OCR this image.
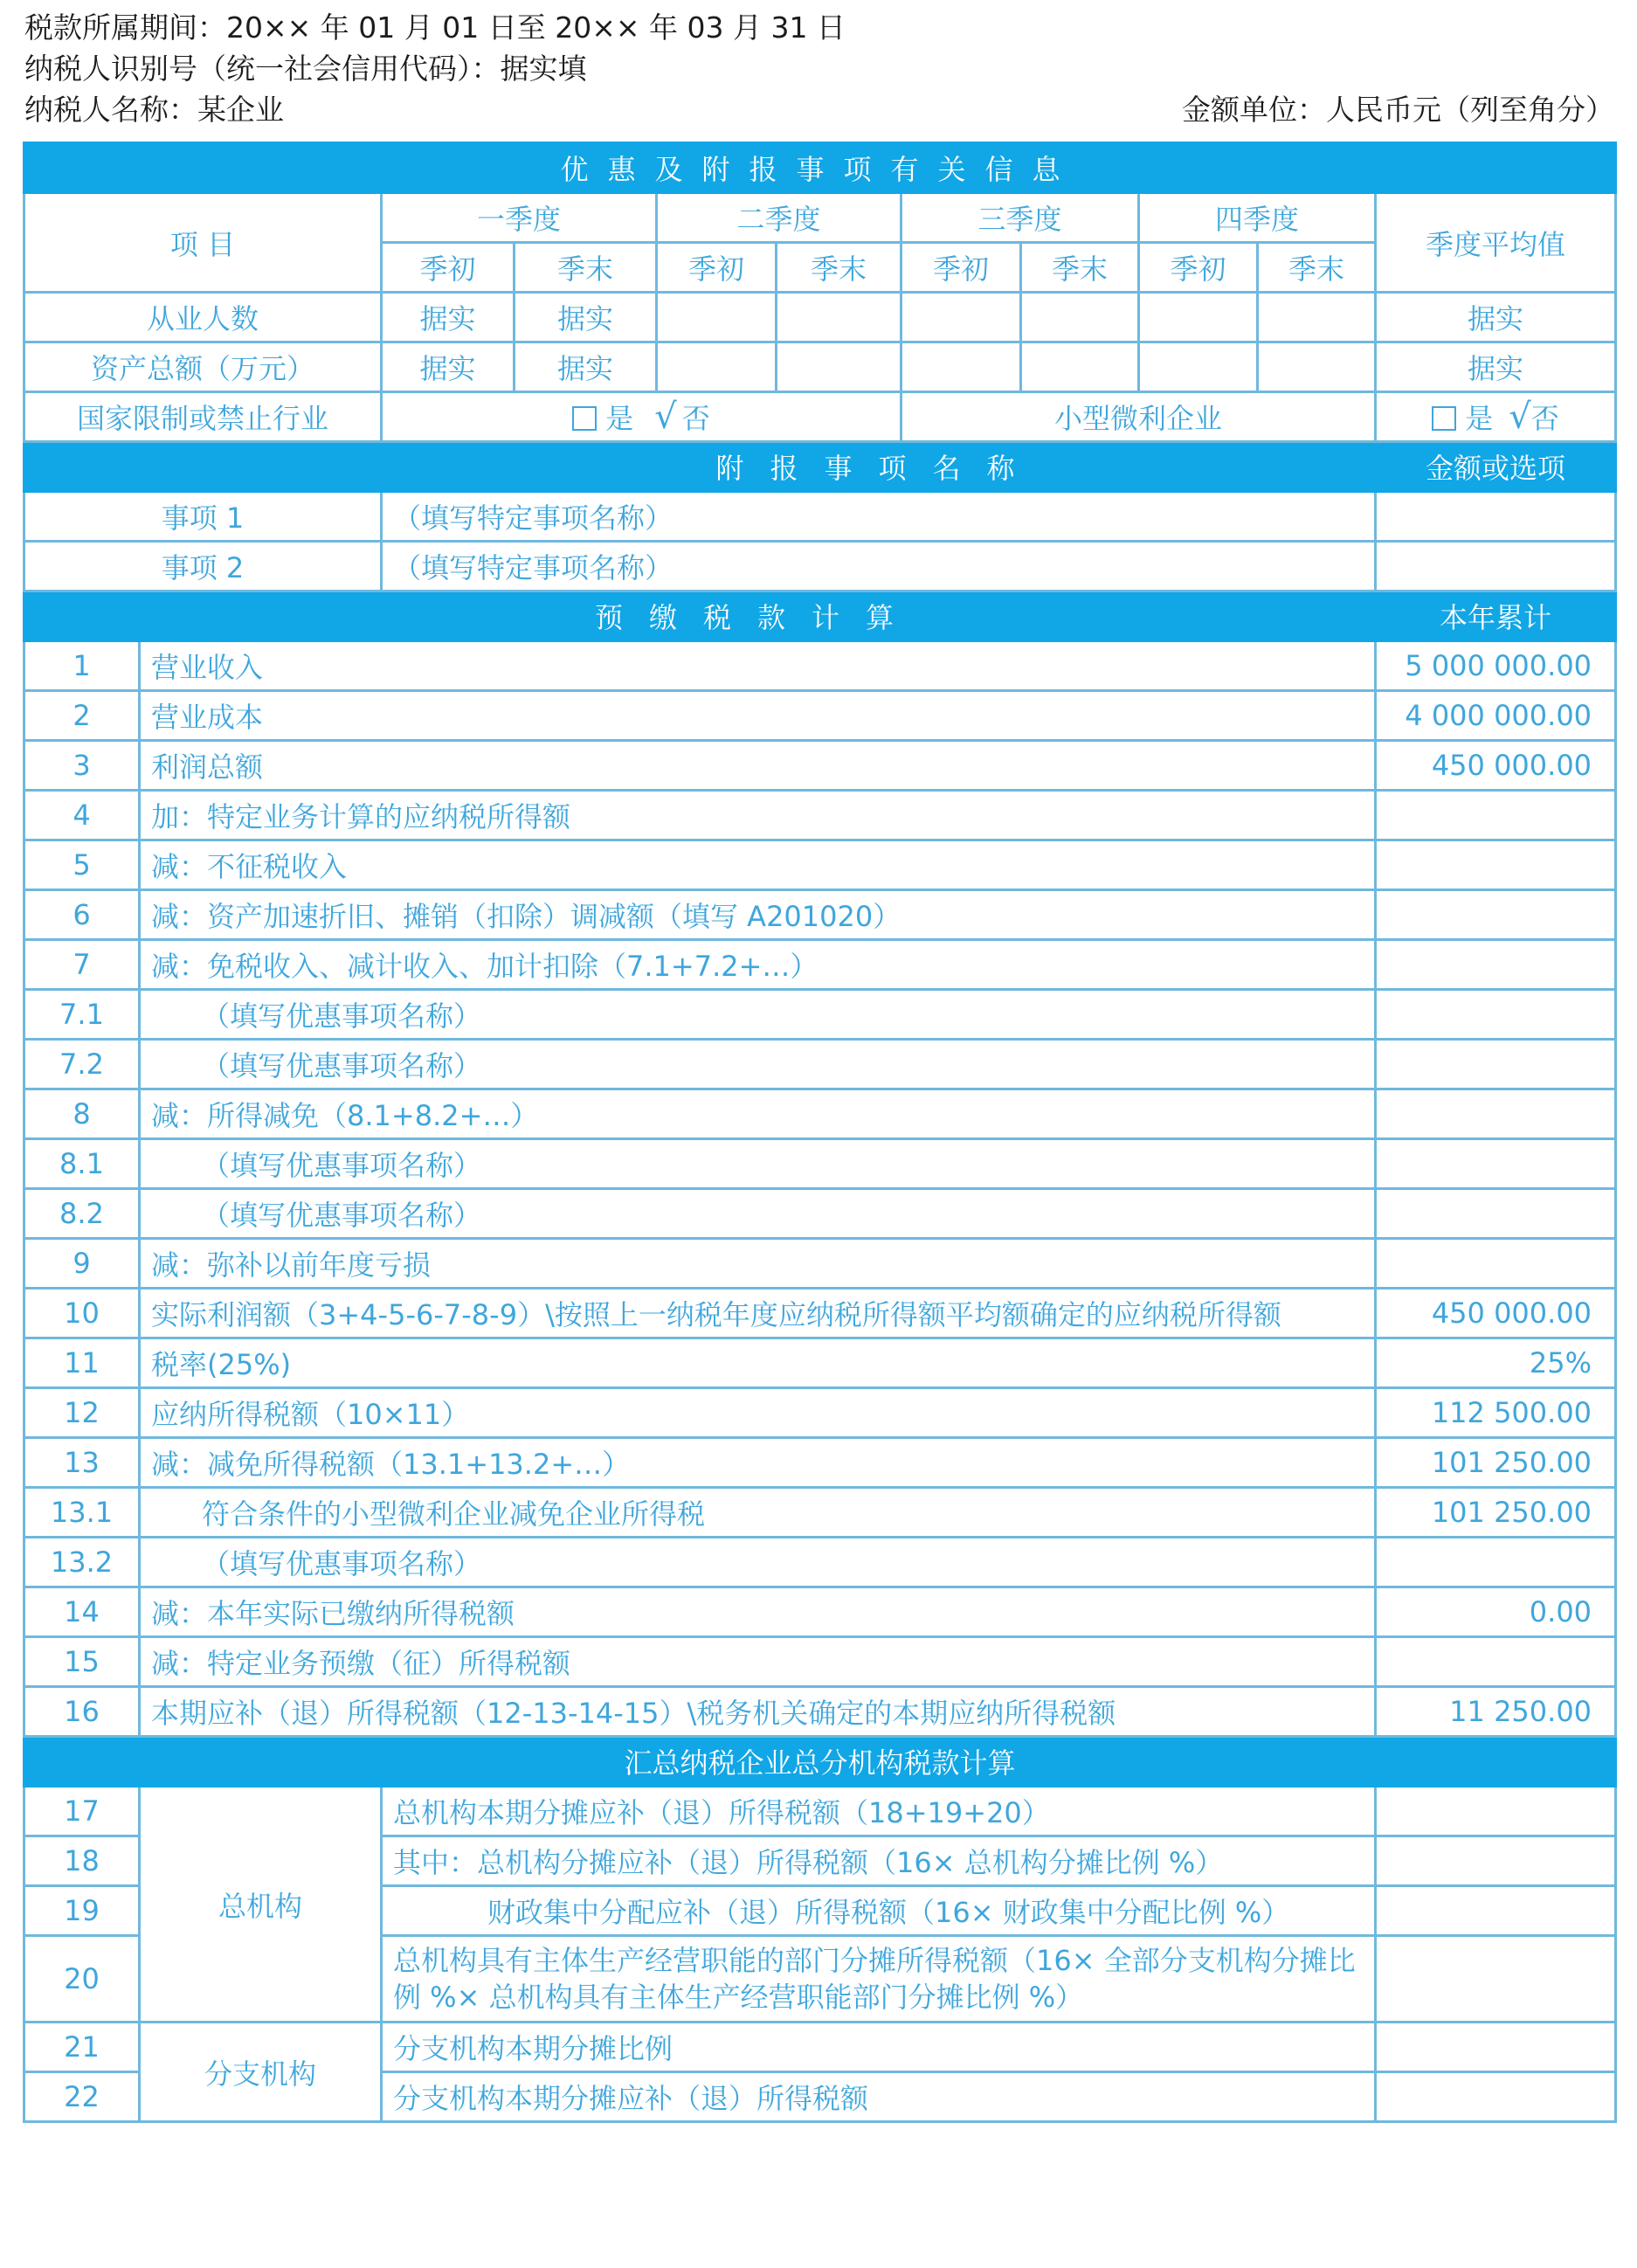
税款所属期间：20×× 年 01 月 01 日至 20×× 年 03 月 31 日
纳税人识别号（统一社会信用代码）：据实填
纳税人名称：某企业	金额单位：人民币元（列至角分）
优惠及附报事项有关信息										
项 目		一季度		二季度		三季度		四季度		季度平均值
		季初	季末	季初	季末	季初	季末	季初	季末	
从业人数		据实	据实							据实
资产总额（万元）		据实	据实							据实
国家限制或禁止行业		是 √ 否				小型微利企业				是 √否
		附报事项名称								金额或选项
事项 1		（填写特定事项名称）								
事项 2		（填写特定事项名称）								
	预缴税款计算									本年累计
1	营业收入									5 000 000.00
2	营业成本									4 000 000.00
3	利润总额									450 000.00
4	加：特定业务计算的应纳税所得额									
5	减：不征税收入									
6	减：资产加速折旧、摊销（扣除）调减额（填写 A201020）									
7	减：免税收入、减计收入、加计扣除（7.1+7.2+…）									
7.1	（填写优惠事项名称）									
7.2	（填写优惠事项名称）									
8	减：所得减免（8.1+8.2+…）									
8.1	（填写优惠事项名称）									
8.2	（填写优惠事项名称）									
9	减：弥补以前年度亏损									
10	实际利润额（3+4-5-6-7-8-9）\按照上一纳税年度应纳税所得额平均额确定的应纳税所得额									450 000.00
11	税率(25%)									25%
12	应纳所得税额（10×11）									112 500.00
13	减：减免所得税额（13.1+13.2+…）									101 250.00
13.1	符合条件的小型微利企业减免企业所得税									101 250.00
13.2	（填写优惠事项名称）									
14	减：本年实际已缴纳所得税额									0.00
15	减：特定业务预缴（征）所得税额									
16	本期应补（退）所得税额（12-13-14-15）\税务机关确定的本期应纳所得税额									11 250.00
汇总纳税企业总分机构税款计算										
17	总机构	总机构本期分摊应补（退）所得税额（18+19+20）								
18		其中：总机构分摊应补（退）所得税额（16× 总机构分摊比例 %）								
19		财政集中分配应补（退）所得税额（16× 财政集中分配比例 %）								
20		总机构具有主体生产经营职能的部门分摊所得税额（16× 全部分支机构分摊比例 %× 总机构具有主体生产经营职能部门分摊比例 %）								
21	分支机构	分支机构本期分摊比例								
22		分支机构本期分摊应补（退）所得税额								
